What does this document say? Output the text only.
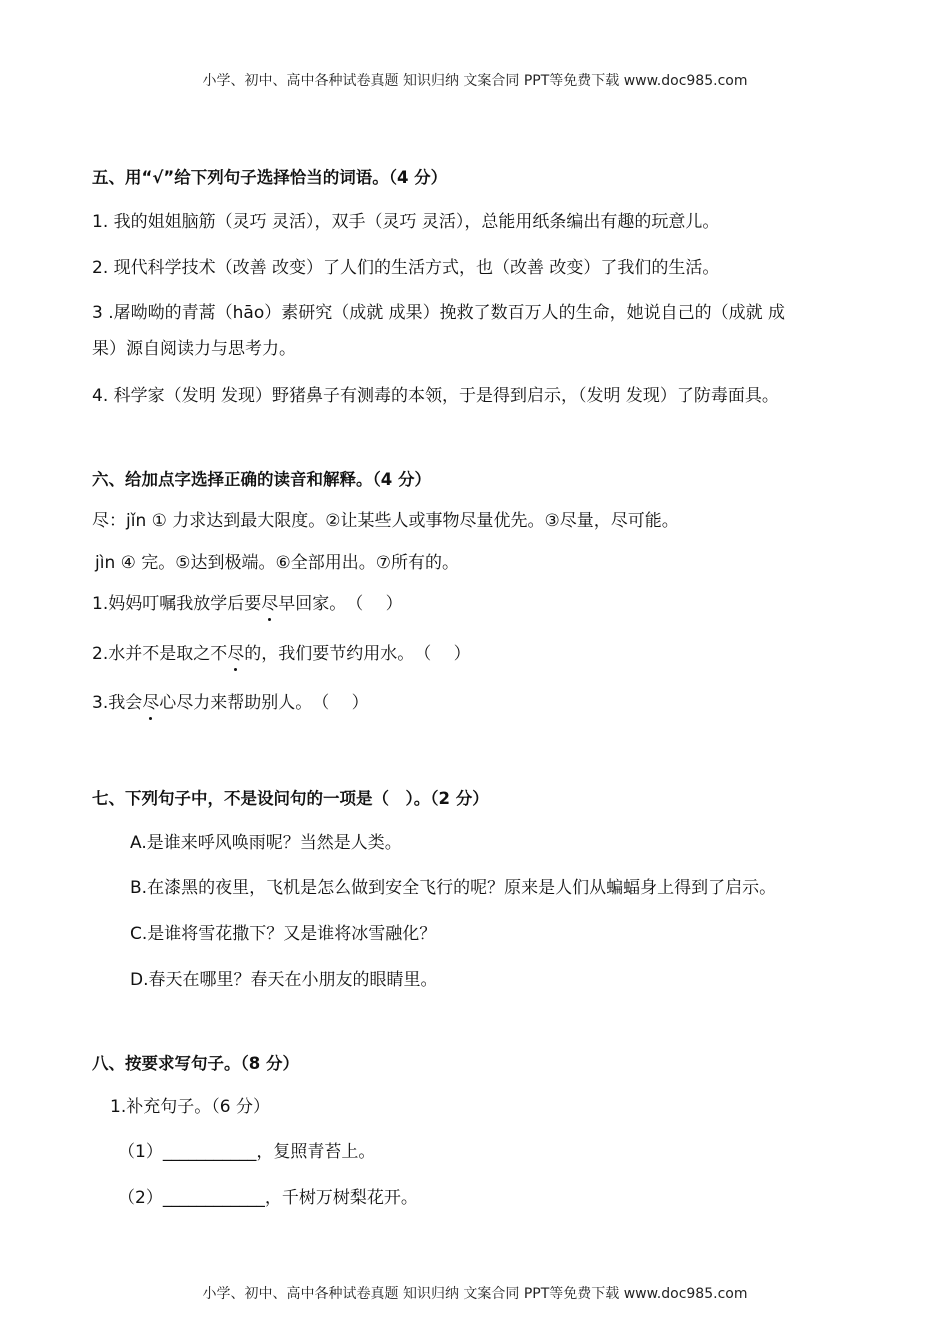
小学、初中、高中各种试卷真题 知识归纳 文案合同 PPT等免费下载 www.doc985.com
五、用“√”给下列句子选择恰当的词语。（4 分）
1. 我的姐姐脑筋（灵巧 灵活），双手（灵巧 灵活），总能用纸条编出有趣的玩意儿。
2. 现代科学技术（改善 改变）了人们的生活方式，也（改善 改变）了我们的生活。
3 .屠呦呦的青蒿（hāo）素研究（成就 成果）挽救了数百万人的生命，她说自己的（成就 成
果）源自阅读力与思考力。
4. 科学家（发明 发现）野猪鼻子有测毒的本领，于是得到启示，（发明 发现）了防毒面具。
六、给加点字选择正确的读音和解释。（4 分）
尽：jǐn ① 力求达到最大限度。②让某些人或事物尽量优先。③尽量，尽可能。
jìn ④ 完。⑤达到极端。⑥全部用出。⑦所有的。
1.妈妈叮嘱我放学后要尽早回家。　（　 ）
2.水并不是取之不尽的，我们要节约用水。　（　 ）
3.我会尽心尽力来帮助别人。　（　 ）
七、下列句子中，不是设问句的一项是（　）。（2 分）
A.是谁来呼风唤雨呢？当然是人类。
B.在漆黑的夜里，飞机是怎么做到安全飞行的呢？原来是人们从蝙蝠身上得到了启示。
C.是谁将雪花撒下？又是谁将冰雪融化？
D.春天在哪里？春天在小朋友的眼睛里。
八、按要求写句子。（8 分）
1.补充句子。（6 分）
（1）___________，复照青苔上。
（2）____________，千树万树梨花开。
小学、初中、高中各种试卷真题 知识归纳 文案合同 PPT等免费下载 www.doc985.com
